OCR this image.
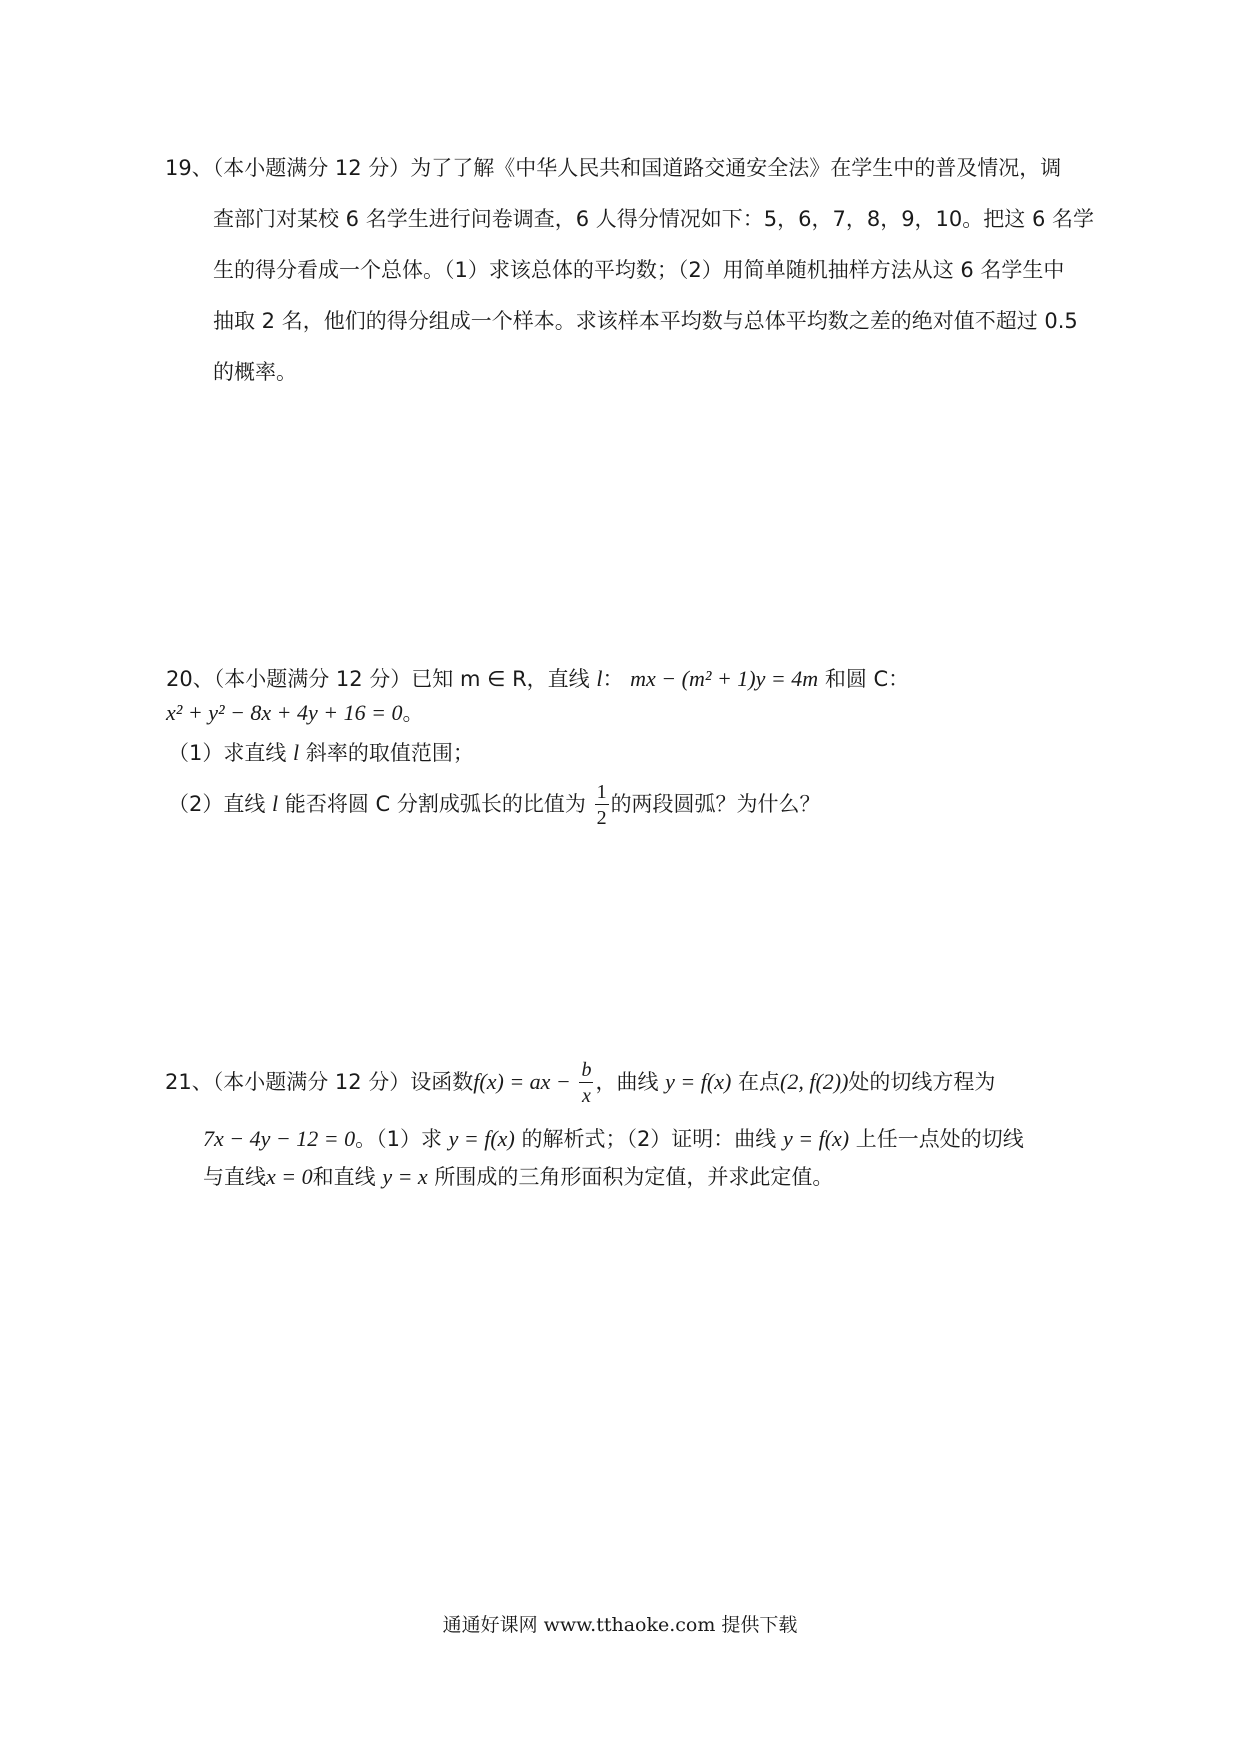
19、（本小题满分 12 分）为了了解《中华人民共和国道路交通安全法》在学生中的普及情况，调
查部门对某校 6 名学生进行问卷调查，6 人得分情况如下：5，6，7，8，9，10。把这 6 名学
生的得分看成一个总体。（1）求该总体的平均数；（2）用简单随机抽样方法从这 6 名学生中
抽取 2 名，他们的得分组成一个样本。求该样本平均数与总体平均数之差的绝对值不超过 0.5
的概率。
20、（本小题满分 12 分）已知 m ∈ R，直线 l： mx − (m² + 1)y = 4m 和圆 C：
x² + y² − 8x + 4y + 16 = 0。
（1）求直线 l 斜率的取值范围；
（2）直线 l 能否将圆 C 分割成弧长的比值为 $\frac{1}{2}$ 的两段圆弧？为什么？
21、（本小题满分 12 分）设函数f(x) = ax − $\frac{b}{x}$ ，曲线 y = f(x) 在点(2, f(2))处的切线方程为
7x − 4y − 12 = 0。（1）求 y = f(x) 的解析式；（2）证明：曲线 y = f(x) 上任一点处的切线
与直线x = 0和直线 y = x 所围成的三角形面积为定值，并求此定值。
通通好课网 www.tthaoke.com 提供下载
